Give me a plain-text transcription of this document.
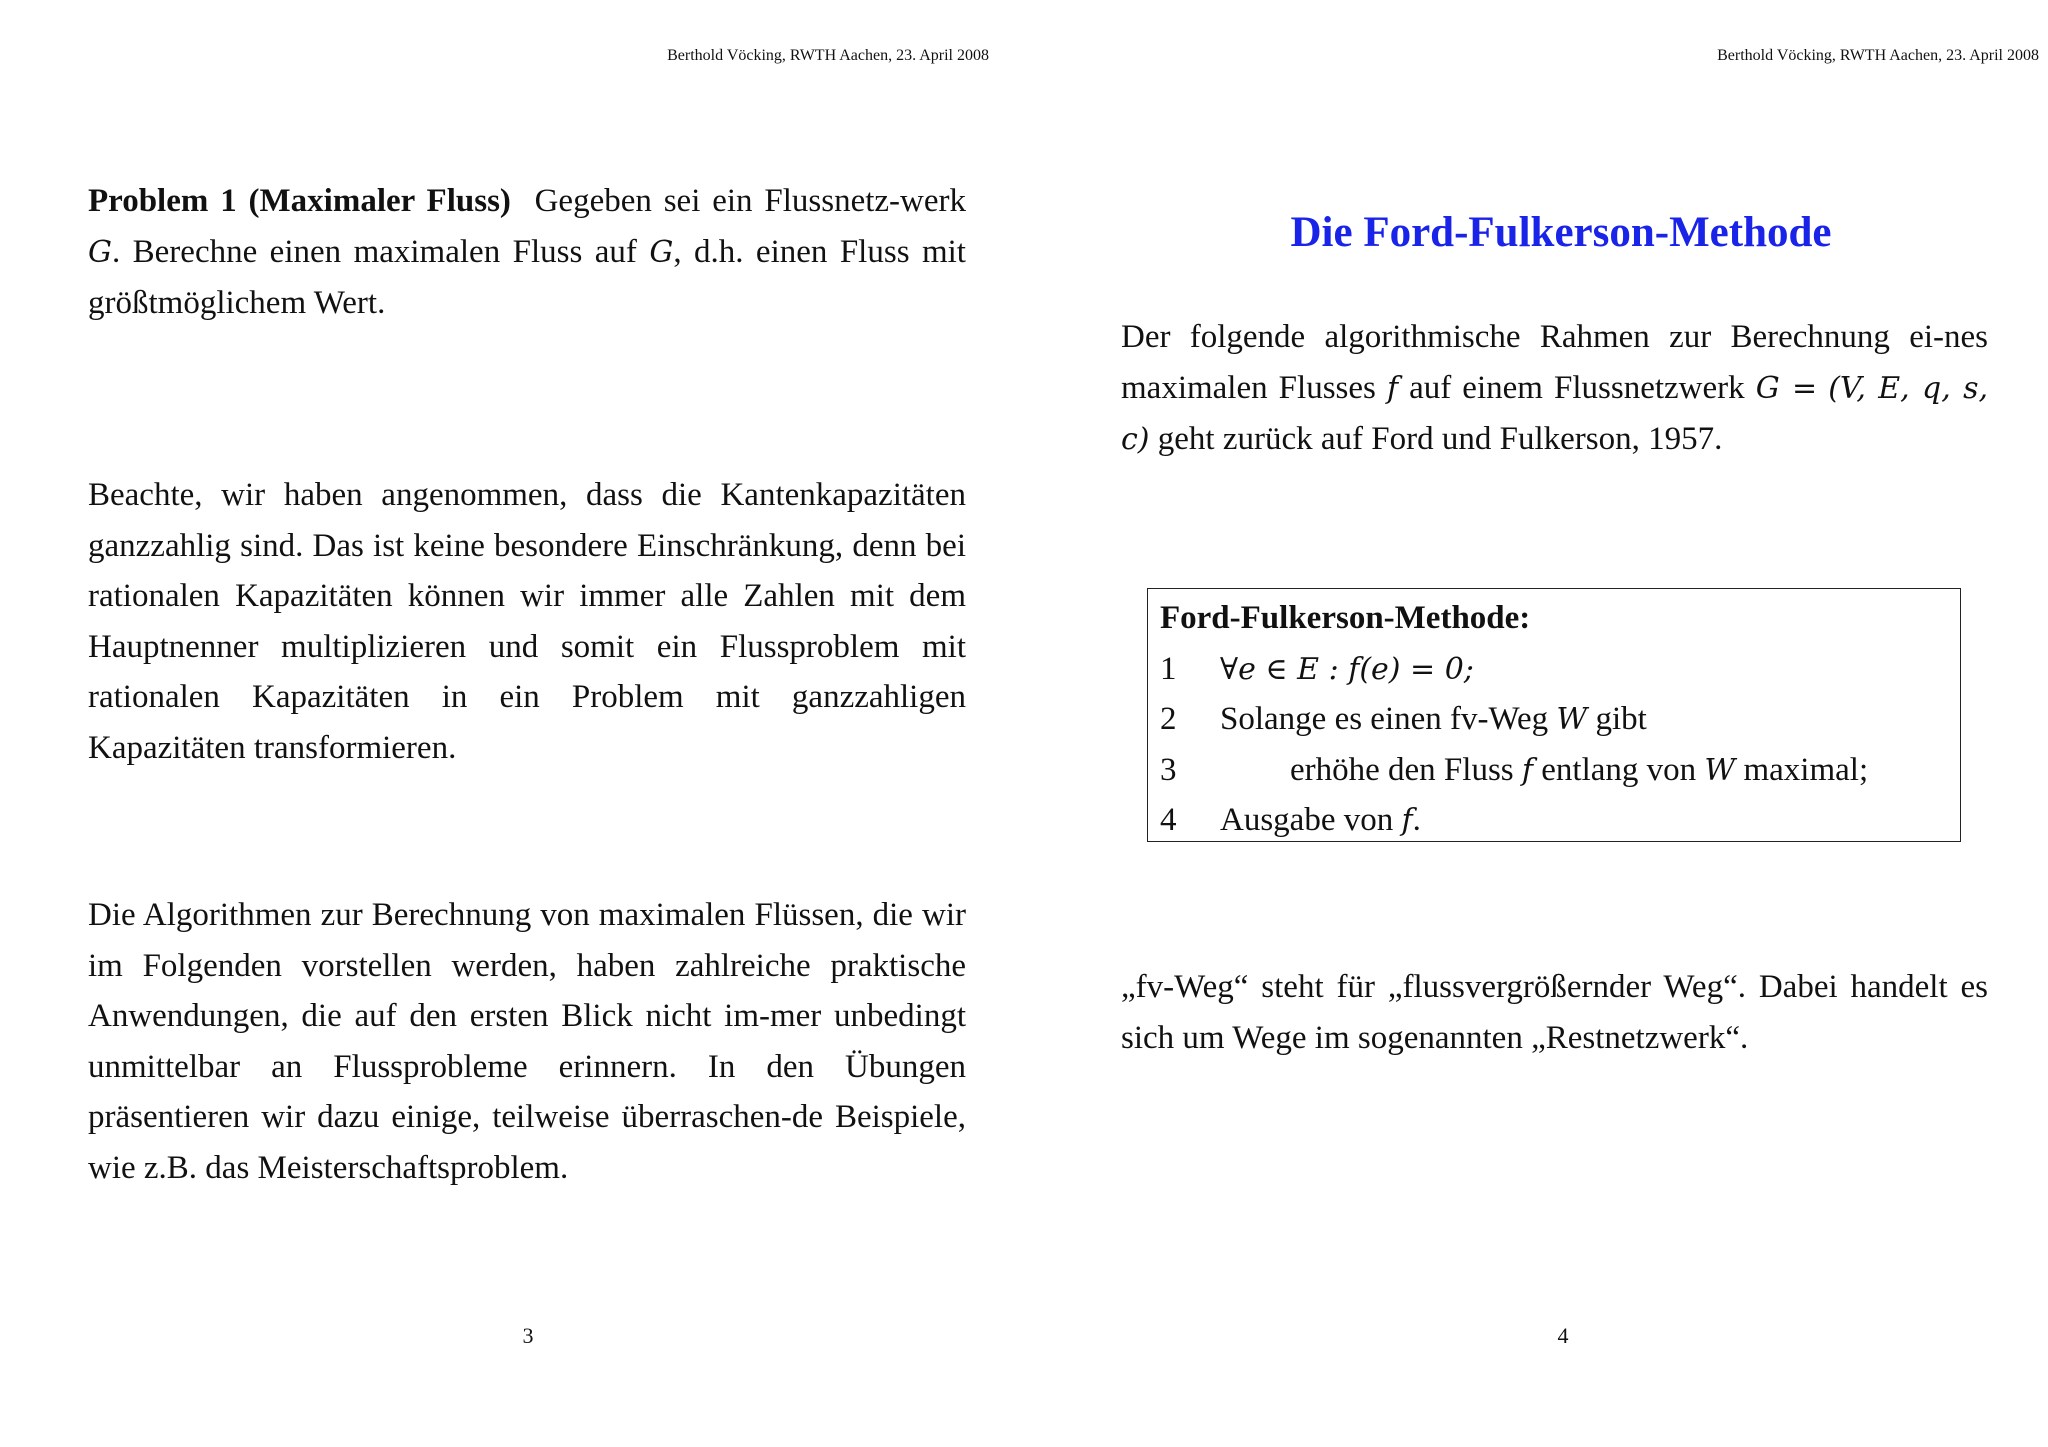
Berthold Vöcking, RWTH Aachen, 23. April 2008

Problem 1 (Maximaler Fluss) Gegeben sei ein Flussnetz-werk G. Berechne einen maximalen Fluss auf G, d.h. einen Fluss mit größtmöglichem Wert.

Beachte, wir haben angenommen, dass die Kantenkapazitäten ganzzahlig sind. Das ist keine besondere Einschränkung, denn bei rationalen Kapazitäten können wir immer alle Zahlen mit dem Hauptnenner multiplizieren und somit ein Flussproblem mit rationalen Kapazitäten in ein Problem mit ganzzahligen Kapazitäten transformieren.

Die Algorithmen zur Berechnung von maximalen Flüssen, die wir im Folgenden vorstellen werden, haben zahlreiche praktische Anwendungen, die auf den ersten Blick nicht im-mer unbedingt unmittelbar an Flussprobleme erinnern. In den Übungen präsentieren wir dazu einige, teilweise überraschen-de Beispiele, wie z.B. das Meisterschaftsproblem.

3
Berthold Vöcking, RWTH Aachen, 23. April 2008
Die Ford-Fulkerson-Methode

Der folgende algorithmische Rahmen zur Berechnung ei-nes maximalen Flusses f auf einem Flussnetzwerk G = (V, E, q, s, c) geht zurück auf Ford und Fulkerson, 1957.

Ford-Fulkerson-Methode:
1 ∀e ∈ E : f(e) = 0;
2 Solange es einen fv-Weg W gibt
3	erhöhe den Fluss f entlang von W maximal;
4 Ausgabe von f.

„fv-Weg“ steht für „flussvergrößernder Weg“. Dabei handelt es sich um Wege im sogenannten „Restnetzwerk“.

4
